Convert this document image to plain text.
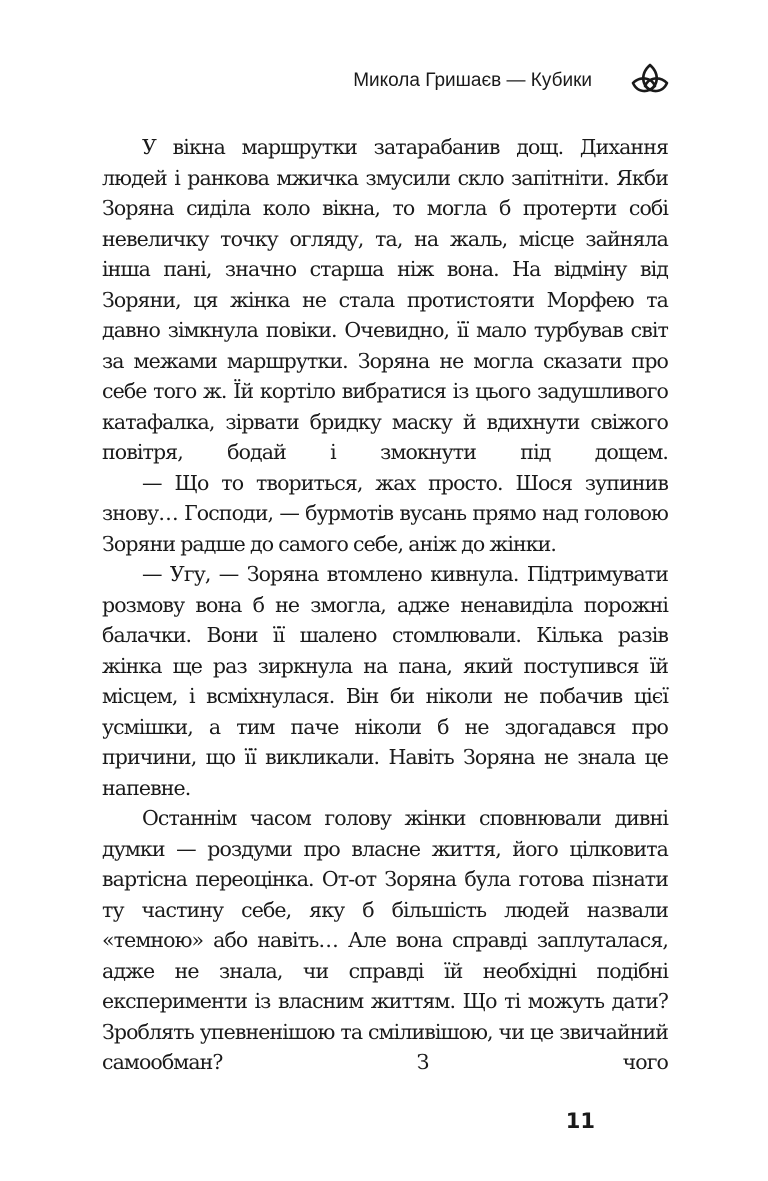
Микола Гришаєв — Кубики

У вікна маршрутки затарабанив дощ. Дихання людей і ранкова мжичка змусили скло запітніти. Якби Зоряна сиділа коло вікна, то могла б протерти собі невеличку точку огляду, та, на жаль, місце зайняла інша пані, значно старша ніж вона. На відміну від Зоряни, ця жінка не стала протистояти Морфею та давно зімкнула повіки. Очевидно, її мало турбував світ за межами маршрутки. Зоряна не могла сказати про себе того ж. Їй кортіло вибратися із цього задушливого катафалка, зірвати бридку маску й вдихнути свіжого повітря, бодай і змокнути під дощем.

— Що то твориться, жах просто. Шося зупинив знову… Господи, — бурмотів вусань прямо над головою Зоряни радше до самого себе, аніж до жінки.

— Угу, — Зоряна втомлено кивнула. Підтримувати розмову вона б не змогла, адже ненавиділа порожні балачки. Вони її шалено стомлювали. Кілька разів жінка ще раз зиркнула на пана, який поступився їй місцем, і всміхнулася. Він би ніколи не побачив цієї усмішки, а тим паче ніколи б не здогадався про причини, що її викликали. Навіть Зоряна не знала це напевне.

Останнім часом голову жінки сповнювали дивні думки — роздуми про власне життя, його цілковита вартісна переоцінка. От-от Зоряна була готова пізнати ту частину себе, яку б більшість людей назвали «темною» або навіть… Але вона справді заплуталася, адже не знала, чи справді їй необхідні подібні експерименти із власним життям. Що ті можуть дати? Зроблять упевненішою та сміливішою, чи це звичайний самообман? З чого

11
